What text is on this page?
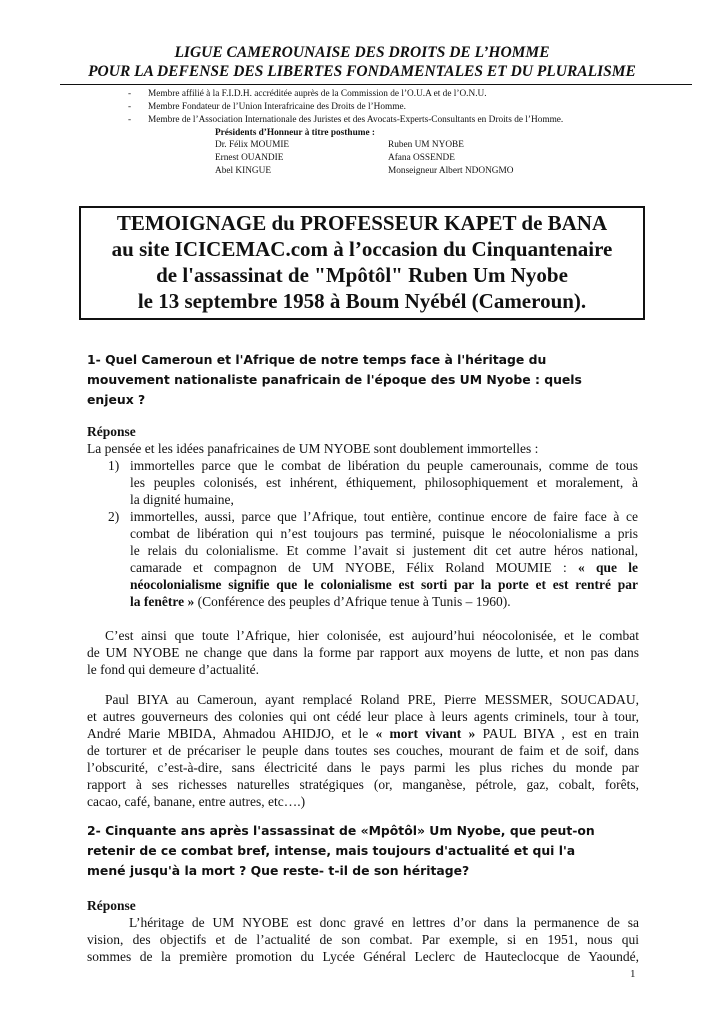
LIGUE CAMEROUNAISE DES DROITS DE L’HOMME
POUR LA DEFENSE DES LIBERTES FONDAMENTALES ET DU PLURALISME
- Membre affilié à la F.I.D.H. accréditée auprès de la Commission de l’O.U.A et de l’O.N.U.
- Membre Fondateur de l’Union Interafricaine des Droits de l’Homme.
- Membre de l’Association Internationale des Juristes et des Avocats-Experts-Consultants en Droits de l’Homme.
Présidents d’Honneur à titre posthume :
Dr. Félix MOUMIE
Ernest OUANDIE
Abel KINGUE
Ruben UM NYOBE
Afana OSSENDE
Monseigneur Albert NDONGMO
TEMOIGNAGE du PROFESSEUR KAPET de BANA
au site ICICEMAC.com à l’occasion du Cinquantenaire
de l'assassinat de "Mpôtôl" Ruben Um Nyobe
le 13 septembre 1958 à Boum Nyébél (Cameroun).
1- Quel Cameroun et l'Afrique de notre temps face à l'héritage du
mouvement nationaliste panafricain de l'époque des UM Nyobe : quels
enjeux ?
Réponse
La pensée et les idées panafricaines de UM NYOBE sont doublement immortelles :
1) immortelles parce que le combat de libération du peuple camerounais, comme de tous
les peuples colonisés, est inhérent, éthiquement, philosophiquement et moralement, à
la dignité humaine,
2) immortelles, aussi, parce que l’Afrique, tout entière, continue encore de faire face à ce
combat de libération qui n’est toujours pas terminé, puisque le néocolonialisme a pris
le relais du colonialisme. Et comme l’avait si justement dit cet autre héros national,
camarade et compagnon de UM NYOBE, Félix Roland MOUMIE : « que le
néocolonialisme signifie que le colonialisme est sorti par la porte et est rentré par
la fenêtre » (Conférence des peuples d’Afrique tenue à Tunis – 1960).
C’est ainsi que toute l’Afrique, hier colonisée, est aujourd’hui néocolonisée, et le combat
de UM NYOBE ne change que dans la forme par rapport aux moyens de lutte, et non pas dans
le fond qui demeure d’actualité.
Paul BIYA au Cameroun, ayant remplacé Roland PRE, Pierre MESSMER, SOUCADAU,
et autres gouverneurs des colonies qui ont cédé leur place à leurs agents criminels, tour à tour,
André Marie MBIDA, Ahmadou AHIDJO, et le « mort vivant » PAUL BIYA , est en train
de torturer et de précariser le peuple dans toutes ses couches, mourant de faim et de soif, dans
l’obscurité, c’est-à-dire, sans électricité dans le pays parmi les plus riches du monde par
rapport à ses richesses naturelles stratégiques (or, manganèse, pétrole, gaz, cobalt, forêts,
cacao, café, banane, entre autres, etc….)
2- Cinquante ans après l'assassinat de «Mpôtôl» Um Nyobe, que peut-on
retenir de ce combat bref, intense, mais toujours d'actualité et qui l'a
mené jusqu'à la mort ? Que reste- t-il de son héritage?
Réponse
L’héritage de UM NYOBE est donc gravé en lettres d’or dans la permanence de sa
vision, des objectifs et de l’actualité de son combat. Par exemple, si en 1951, nous qui
sommes de la première promotion du Lycée Général Leclerc de Hauteclocque de Yaoundé,
1
